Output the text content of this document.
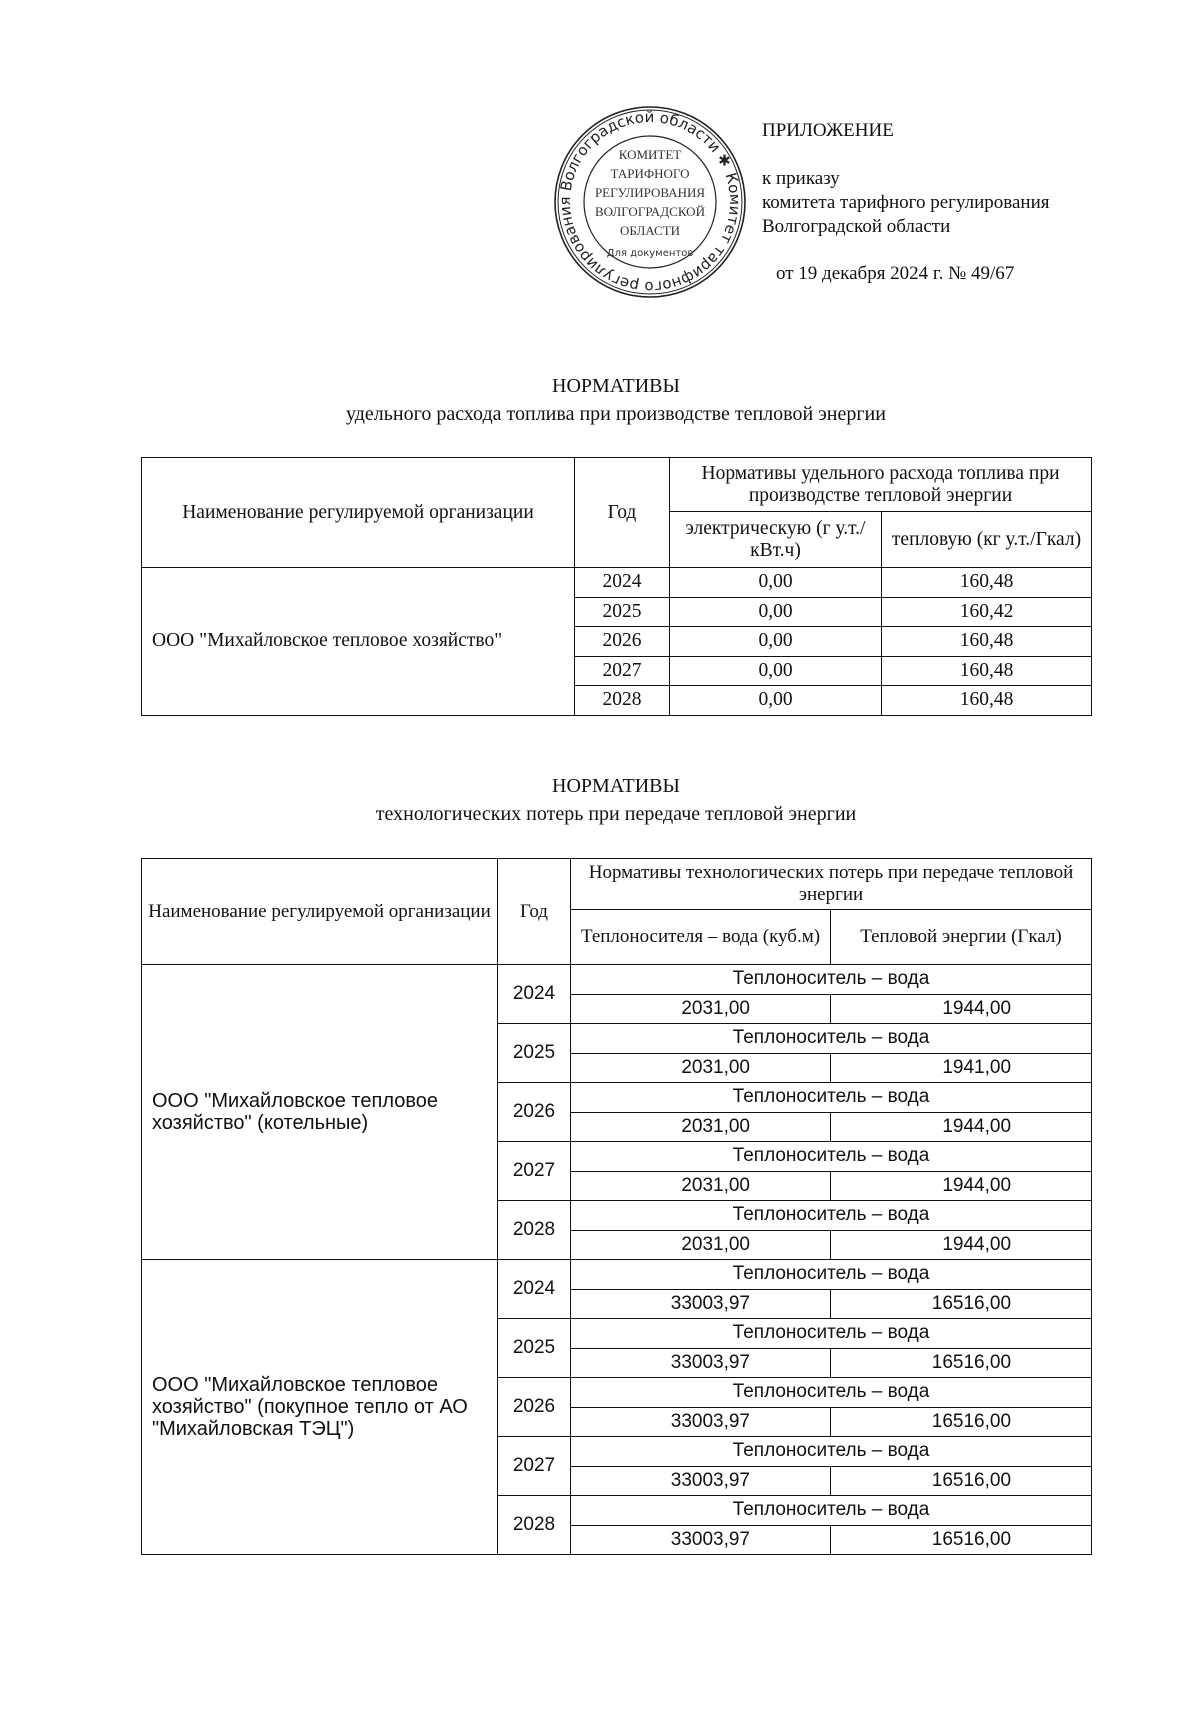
Комитет тарифного регулирования Волгоградской области ✱
КОМИТЕТ
ТАРИФНОГО
РЕГУЛИРОВАНИЯ
ВОЛГОГРАДСКОЙ
ОБЛАСТИ
Для документов
ПРИЛОЖЕНИЕ
к приказу
комитета тарифного регулирования
Волгоградской области
от 19 декабря 2024 г. № 49/67
НОРМАТИВЫ
удельного расхода топлива при производстве тепловой энергии
Наименование регулируемой организации	Год	Нормативы удельного расхода топлива при производстве тепловой энергии	
		электрическую (г у.т./кВт.ч)	тепловую (кг у.т./Гкал)
ООО "Михайловское тепловое хозяйство"	2024	0,00	160,48
	2025	0,00	160,42
	2026	0,00	160,48
	2027	0,00	160,48
	2028	0,00	160,48
НОРМАТИВЫ
технологических потерь при передаче тепловой энергии
Наименование регулируемой организации	Год	Нормативы технологических потерь при передаче тепловой энергии	
		Теплоносителя – вода (куб.м)	Тепловой энергии (Гкал)
ООО "Михайловское тепловое хозяйство" (котельные)	2024	Теплоноситель – вода	
		2031,00	1944,00
	2025	Теплоноситель – вода	
		2031,00	1941,00
	2026	Теплоноситель – вода	
		2031,00	1944,00
	2027	Теплоноситель – вода	
		2031,00	1944,00
	2028	Теплоноситель – вода	
		2031,00	1944,00
ООО "Михайловское тепловое хозяйство" (покупное тепло от АО "Михайловская ТЭЦ")	2024	Теплоноситель – вода	
		33003,97	16516,00
	2025	Теплоноситель – вода	
		33003,97	16516,00
	2026	Теплоноситель – вода	
		33003,97	16516,00
	2027	Теплоноситель – вода	
		33003,97	16516,00
	2028	Теплоноситель – вода	
		33003,97	16516,00
